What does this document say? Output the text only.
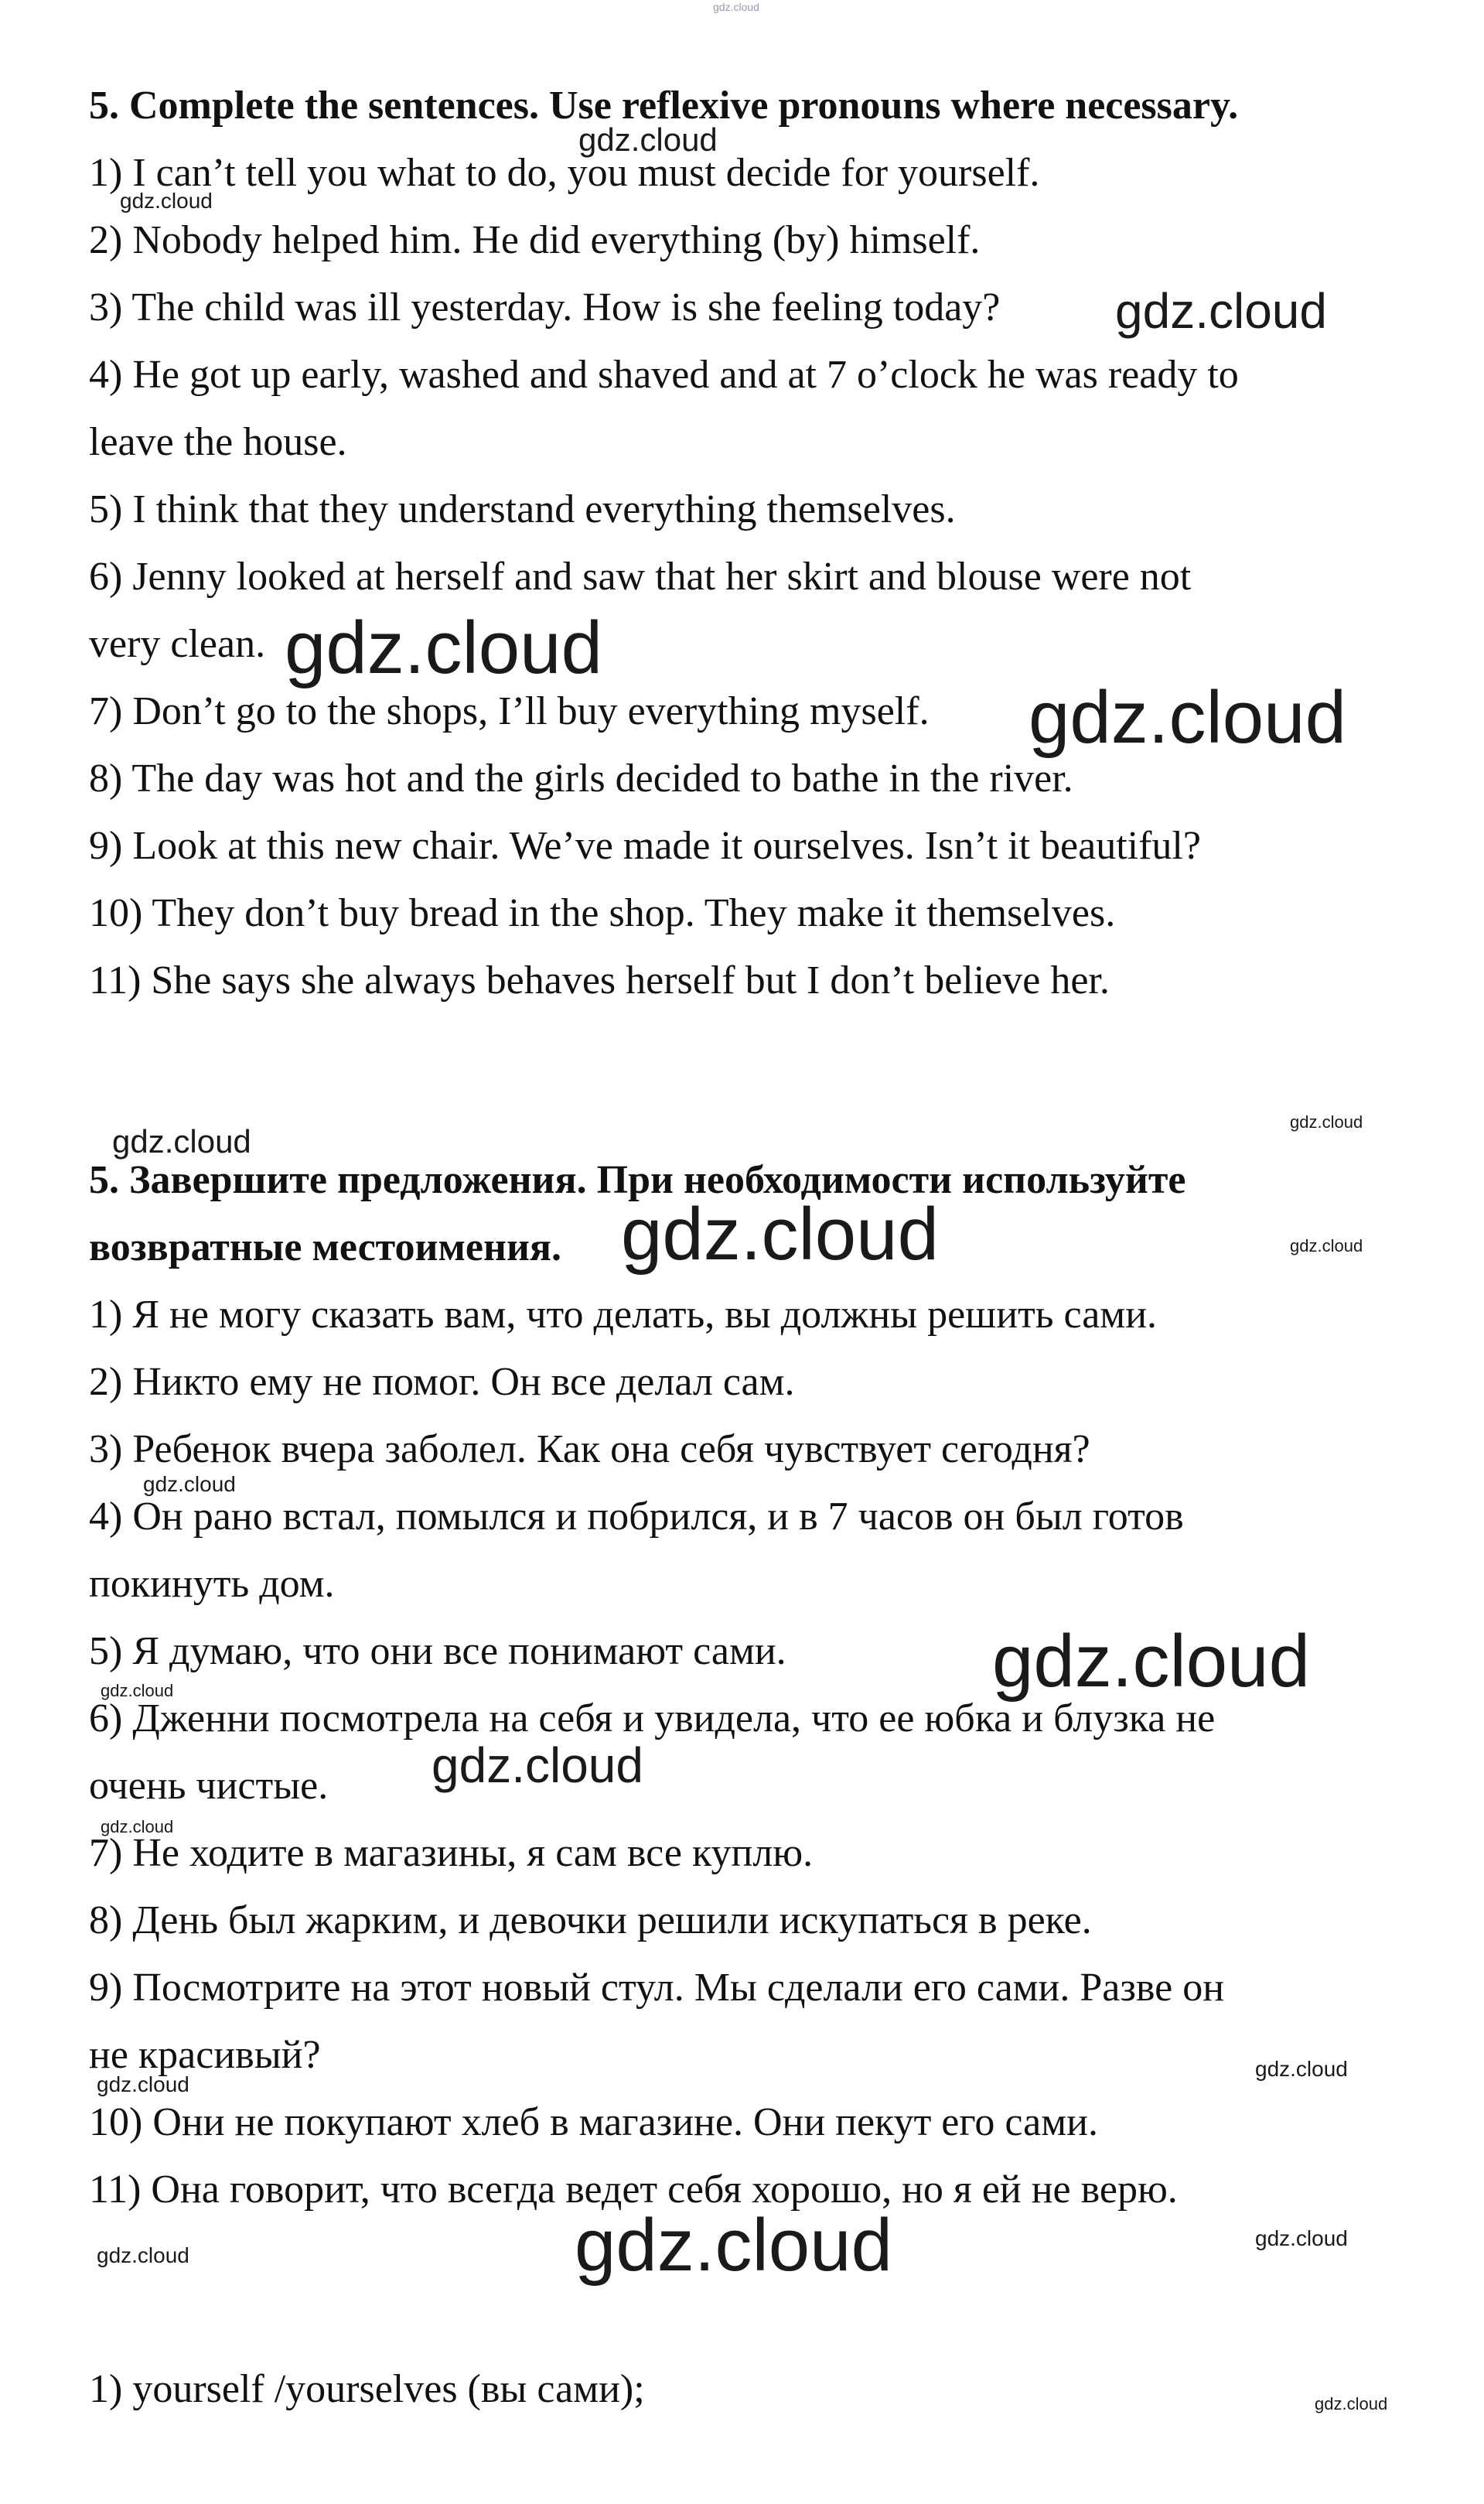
gdz.cloud
5. Complete the sentences. Use reflexive pronouns where necessary.
1) I can’t tell you what to do, you must decide for yourself.
2) Nobody helped him. He did everything (by) himself.
3) The child was ill yesterday. How is she feeling today?
4) He got up early, washed and shaved and at 7 o’clock he was ready to
leave the house.
5) I think that they understand everything themselves.
6) Jenny looked at herself and saw that her skirt and blouse were not
very clean.
7) Don’t go to the shops, I’ll buy everything myself.
8) The day was hot and the girls decided to bathe in the river.
9) Look at this new chair. We’ve made it ourselves. Isn’t it beautiful?
10) They don’t buy bread in the shop. They make it themselves.
11) She says she always behaves herself but I don’t believe her.
5. Завершите предложения. При необходимости используйте
возвратные местоимения.
1) Я не могу сказать вам, что делать, вы должны решить сами.
2) Никто ему не помог. Он все делал сам.
3) Ребенок вчера заболел. Как она себя чувствует сегодня?
4) Он рано встал, помылся и побрился, и в 7 часов он был готов
покинуть дом.
5) Я думаю, что они все понимают сами.
6) Дженни посмотрела на себя и увидела, что ее юбка и блузка не
очень чистые.
7) Не ходите в магазины, я сам все куплю.
8) День был жарким, и девочки решили искупаться в реке.
9) Посмотрите на этот новый стул. Мы сделали его сами. Разве он
не красивый?
10) Они не покупают хлеб в магазине. Они пекут его сами.
11) Она говорит, что всегда ведет себя хорошо, но я ей не верю.
1) yourself /yourselves (вы сами);
gdz.cloud
gdz.cloud
gdz.cloud
gdz.cloud
gdz.cloud
gdz.cloud
gdz.cloud
gdz.cloud	gdz.cloud
gdz.cloud
gdz.cloud
gdz.cloud
gdz.cloud
gdz.cloud
gdz.cloud
gdz.cloud
gdz.cloud
gdz.cloud
gdz.cloud
gdz.cloud
